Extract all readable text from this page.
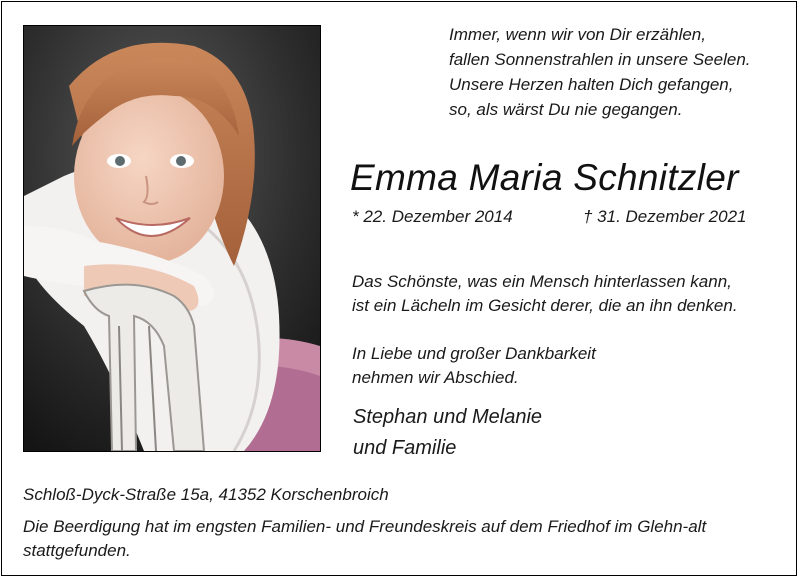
Immer, wenn wir von Dir erzählen,
fallen Sonnenstrahlen in unsere Seelen.
Unsere Herzen halten Dich gefangen,
so, als wärst Du nie gegangen.
Emma Maria Schnitzler
* 22. Dezember 2014	† 31. Dezember 2021
Das Schönste, was ein Mensch hinterlassen kann,
ist ein Lächeln im Gesicht derer, die an ihn denken.
In Liebe und großer Dankbarkeit
nehmen wir Abschied.
Stephan und Melanie
und Familie
Schloß-Dyck-Straße 15a, 41352 Korschenbroich
Die Beerdigung hat im engsten Familien- und Freundeskreis auf dem Friedhof im Glehn-alt
stattgefunden.
